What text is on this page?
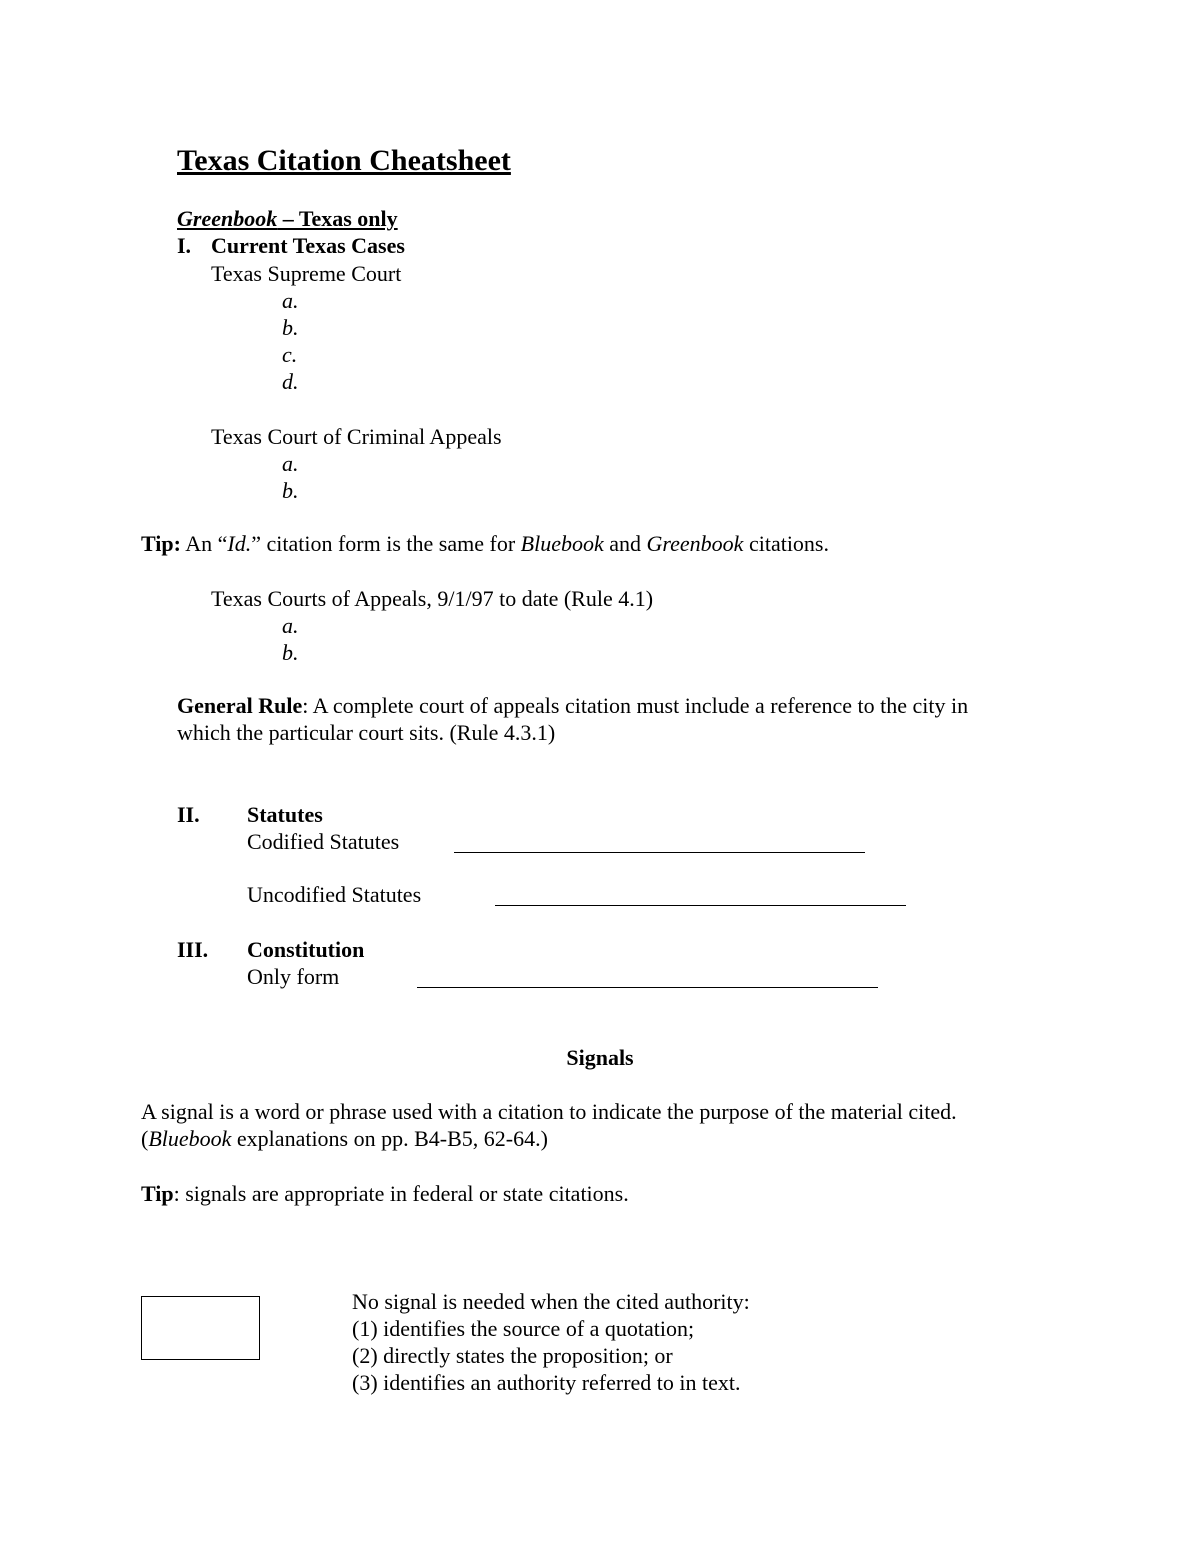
Texas Citation Cheatsheet
Greenbook – Texas only
I. Current Texas Cases
Texas Supreme Court
a.
b.
c.
d.
Texas Court of Criminal Appeals
a.
b.
Tip: An “Id.” citation form is the same for Bluebook and Greenbook citations.
Texas Courts of Appeals, 9/1/97 to date (Rule 4.1)
a.
b.
General Rule: A complete court of appeals citation must include a reference to the city in
which the particular court sits. (Rule 4.3.1)
II. Statutes
Codified Statutes
Uncodified Statutes
III. Constitution
Only form
Signals
A signal is a word or phrase used with a citation to indicate the purpose of the material cited.
(Bluebook explanations on pp. B4-B5, 62-64.)
Tip: signals are appropriate in federal or state citations.
No signal is needed when the cited authority:
(1) identifies the source of a quotation;
(2) directly states the proposition; or
(3) identifies an authority referred to in text.
